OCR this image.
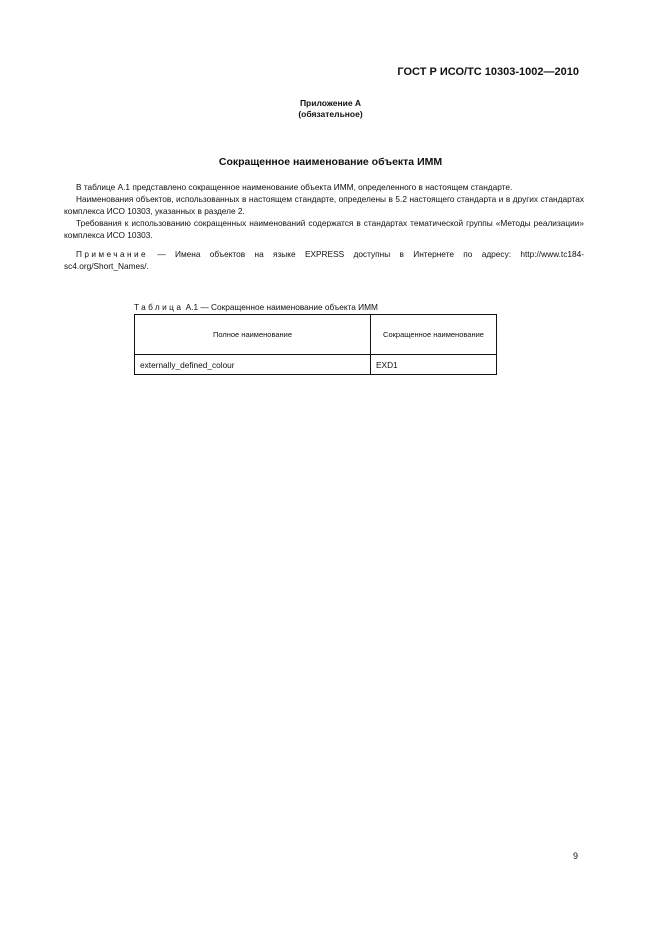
ГОСТ Р ИСО/ТС 10303-1002—2010
Приложение А
(обязательное)
Сокращенное наименование объекта ИММ

В таблице А.1 представлено сокращенное наименование объекта ИММ, определенного в настоящем стандарте.

Наименования объектов, использованных в настоящем стандарте, определены в 5.2 настоящего стандарта и в других стандартах комплекса ИСО 10303, указанных в разделе 2.

Требования к использованию сокращенных наименований содержатся в стандартах тематической группы «Методы реализации» комплекса ИСО 10303.

Примечание — Имена объектов на языке EXPRESS доступны в Интернете по адресу: http://www.tc184-sc4.org/Short_Names/.

Таблица А.1 — Сокращенное наименование объекта ИММ
Полное наименование	Сокращенное наименование
externally_defined_colour	EXD1
9
